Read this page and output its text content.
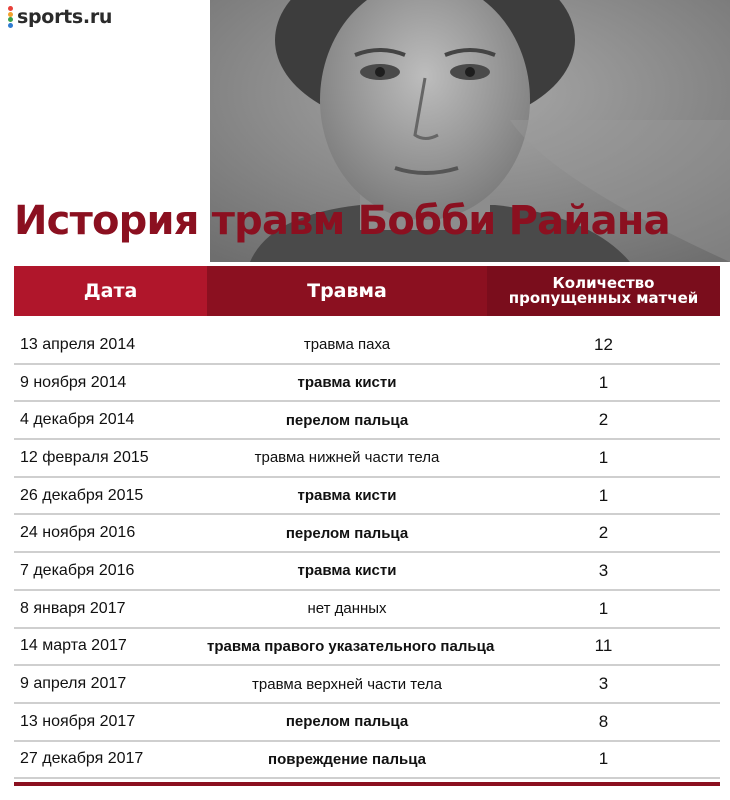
sports.ru
История травм Бобби Райана
Дата	Травма	Количество
пропущенных матчей
13 апреля 2014	травма паха	12
9 ноября 2014	травма кисти	1
4 декабря 2014	перелом пальца	2
12 февраля 2015	травма нижней части тела	1
26 декабря 2015	травма кисти	1
24 ноября 2016	перелом пальца	2
7 декабря 2016	травма кисти	3
8 января 2017	нет данных	1
14 марта 2017	травма правого указательного пальца	11
9 апреля 2017	травма верхней части тела	3
13 ноября 2017	перелом пальца	8
27 декабря 2017	повреждение пальца	1
